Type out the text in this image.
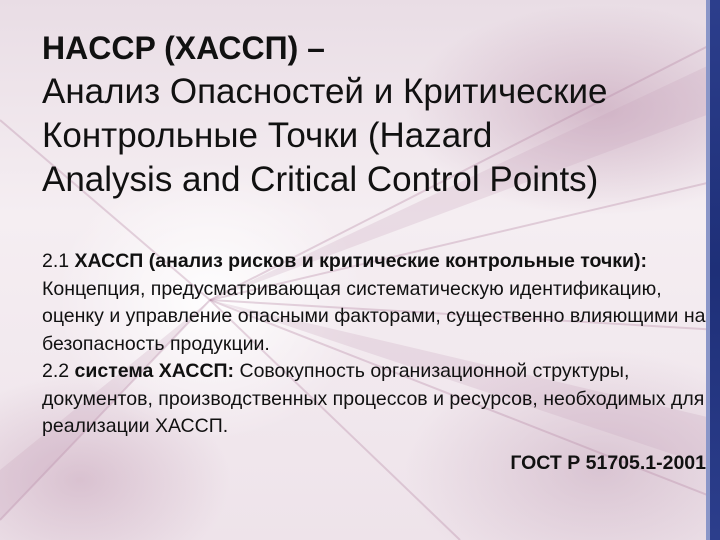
HACCP (ХАССП) –
Анализ Опасностей и Критические
Контрольные Точки (Hazard
Analysis and Critical Control Points)
2.1 ХАССП (анализ рисков и критические контрольные точки): Концепция, предусматривающая систематическую идентификацию, оценку и управление опасными факторами, существенно влияющими на безопасность продукции.
2.2 система ХАССП: Совокупность организационной структуры, документов, производственных процессов и ресурсов, необходимых для реализации ХАССП.
ГОСТ Р 51705.1-2001
